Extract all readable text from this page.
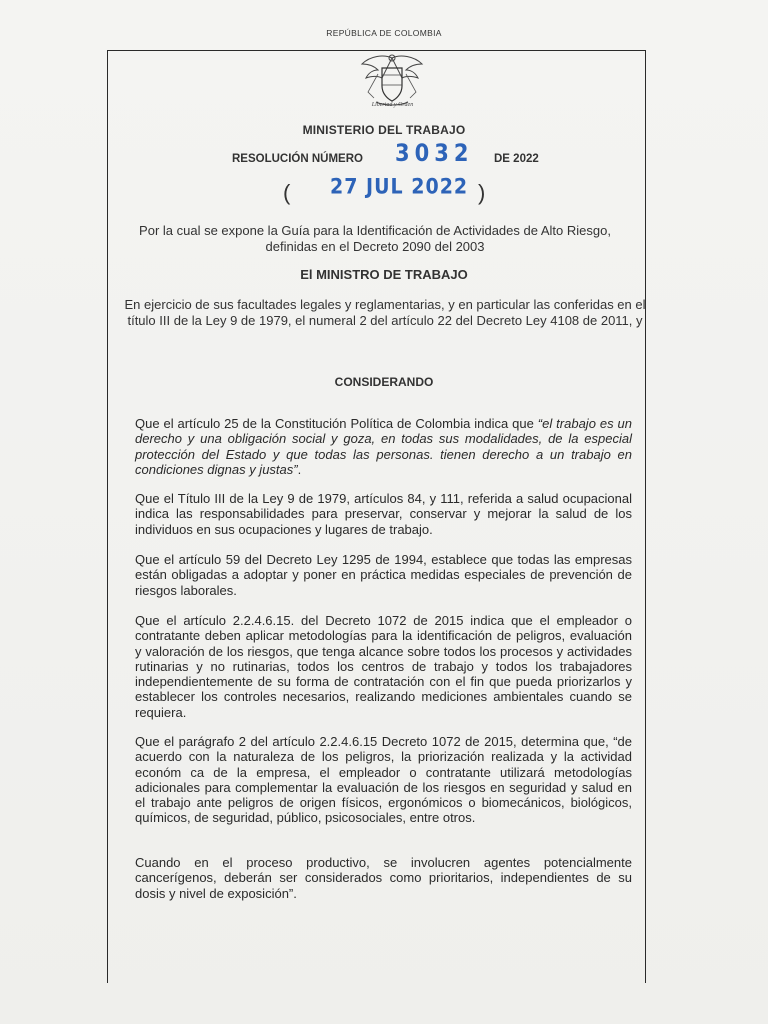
REPÚBLICA DE COLOMBIA
Libertad y Orden
MINISTERIO DEL TRABAJO
RESOLUCIÓN NÚMERO 3032 DE 2022
( 27 JUL 2022 )
Por la cual se expone la Guía para la Identificación de Actividades de Alto Riesgo, definidas en el Decreto 2090 del 2003
El MINISTRO DE TRABAJO
En ejercicio de sus facultades legales y reglamentarias, y en particular las conferidas en el título III de la Ley 9 de 1979, el numeral 2 del artículo 22 del Decreto Ley 4108 de 2011, y
CONSIDERANDO
Que el artículo 25 de la Constitución Política de Colombia indica que “el trabajo es un derecho y una obligación social y goza, en todas sus modalidades, de la especial protección del Estado y que todas las personas. tienen derecho a un trabajo en condiciones dignas y justas”.
Que el Título III de la Ley 9 de 1979, artículos 84, y 111, referida a salud ocupacional indica las responsabilidades para preservar, conservar y mejorar la salud de los individuos en sus ocupaciones y lugares de trabajo.
Que el artículo 59 del Decreto Ley 1295 de 1994, establece que todas las empresas están obligadas a adoptar y poner en práctica medidas especiales de prevención de riesgos laborales.
Que el artículo 2.2.4.6.15. del Decreto 1072 de 2015 indica que el empleador o contratante deben aplicar metodologías para la identificación de peligros, evaluación y valoración de los riesgos, que tenga alcance sobre todos los procesos y actividades rutinarias y no rutinarias, todos los centros de trabajo y todos los trabajadores independientemente de su forma de contratación con el fin que pueda priorizarlos y establecer los controles necesarios, realizando mediciones ambientales cuando se requiera.
Que el parágrafo 2 del artículo 2.2.4.6.15 Decreto 1072 de 2015, determina que, “de acuerdo con la naturaleza de los peligros, la priorización realizada y la actividad económ ca de la empresa, el empleador o contratante utilizará metodologías adicionales para complementar la evaluación de los riesgos en seguridad y salud en el trabajo ante peligros de origen físicos, ergonómicos o biomecánicos, biológicos, químicos, de seguridad, público, psicosociales, entre otros.
Cuando en el proceso productivo, se involucren agentes potencialmente cancerígenos, deberán ser considerados como prioritarios, independientes de su dosis y nivel de exposición”.
